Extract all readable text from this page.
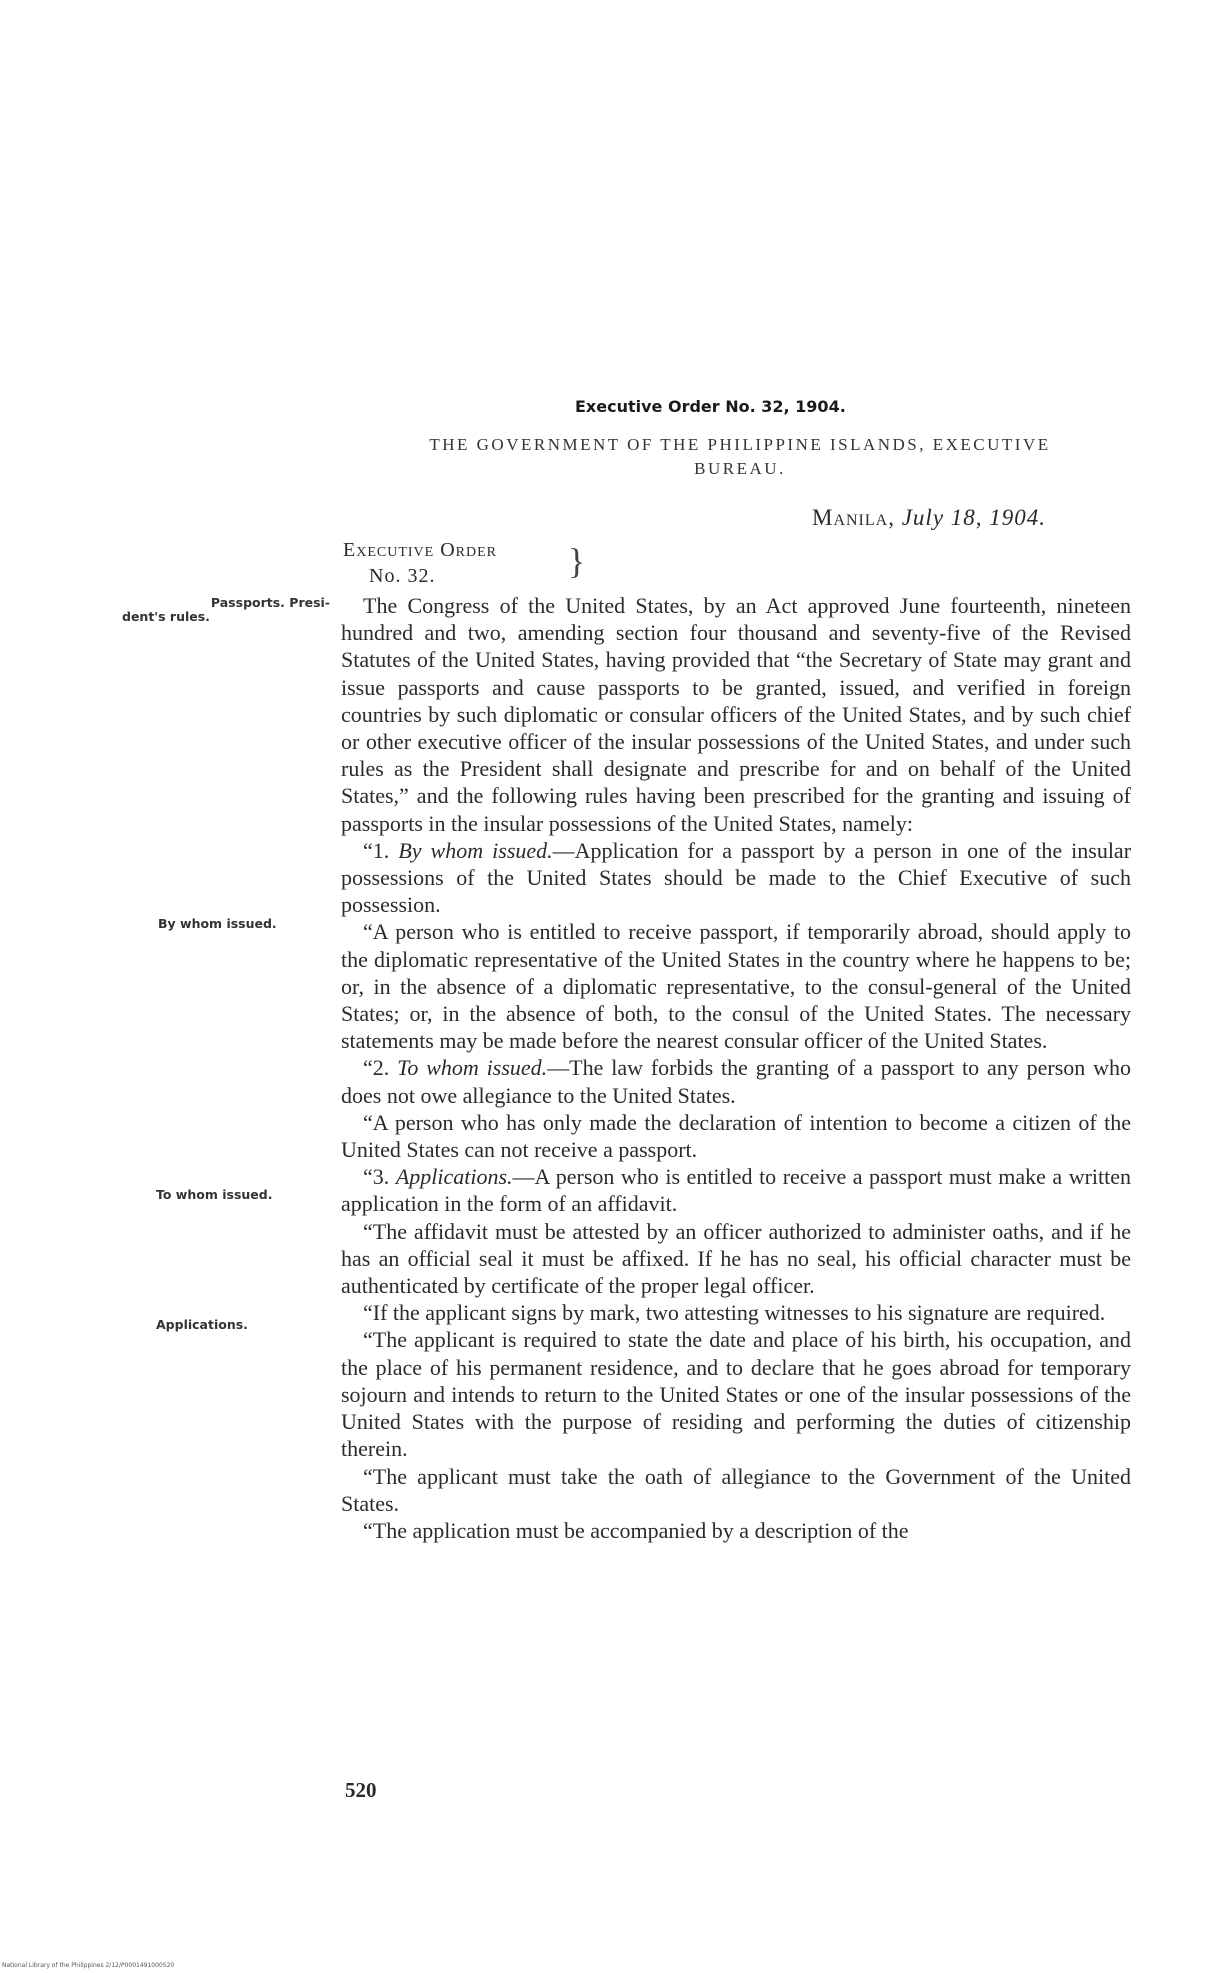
Executive Order No. 32, 1904.
THE GOVERNMENT OF THE PHILIPPINE ISLANDS, EXECUTIVE
BUREAU.
Manila, July 18, 1904.
Executive Order
No. 32.	}
Passports. Presi-
dent's rules.
By whom issued.
To whom issued.
Applications.

The Congress of the United States, by an Act approved June fourteenth, nineteen hundred and two, amending section four thousand and seventy-five of the Revised Statutes of the United States, having provided that “the Secretary of State may grant and issue passports and cause passports to be granted, issued, and verified in foreign countries by such diplomatic or consular officers of the United States, and by such chief or other executive officer of the insular possessions of the United States, and under such rules as the President shall designate and prescribe for and on behalf of the United States,” and the following rules having been prescribed for the granting and issuing of passports in the insular possessions of the United States, namely:

“1. By whom issued.—Application for a passport by a person in one of the insular possessions of the United States should be made to the Chief Executive of such possession.

“A person who is entitled to receive passport, if temporarily abroad, should apply to the diplomatic representative of the United States in the country where he happens to be; or, in the absence of a diplomatic representative, to the consul-general of the United States; or, in the absence of both, to the consul of the United States. The necessary statements may be made before the nearest consular officer of the United States.

“2. To whom issued.—The law forbids the granting of a passport to any person who does not owe allegiance to the United States.

“A person who has only made the declaration of intention to become a citizen of the United States can not receive a passport.

“3. Applications.—A person who is entitled to receive a passport must make a written application in the form of an affidavit.

“The affidavit must be attested by an officer authorized to administer oaths, and if he has an official seal it must be affixed. If he has no seal, his official character must be authenticated by certificate of the proper legal officer.

“If the applicant signs by mark, two attesting witnesses to his signature are required.

“The applicant is required to state the date and place of his birth, his occupation, and the place of his permanent residence, and to declare that he goes abroad for temporary sojourn and intends to return to the United States or one of the insular possessions of the United States with the purpose of residing and performing the duties of citizenship therein.

“The applicant must take the oath of allegiance to the Government of the United States.

“The application must be accompanied by a description of the

520
National Library of the Philippines 2/12/P0001491000520
